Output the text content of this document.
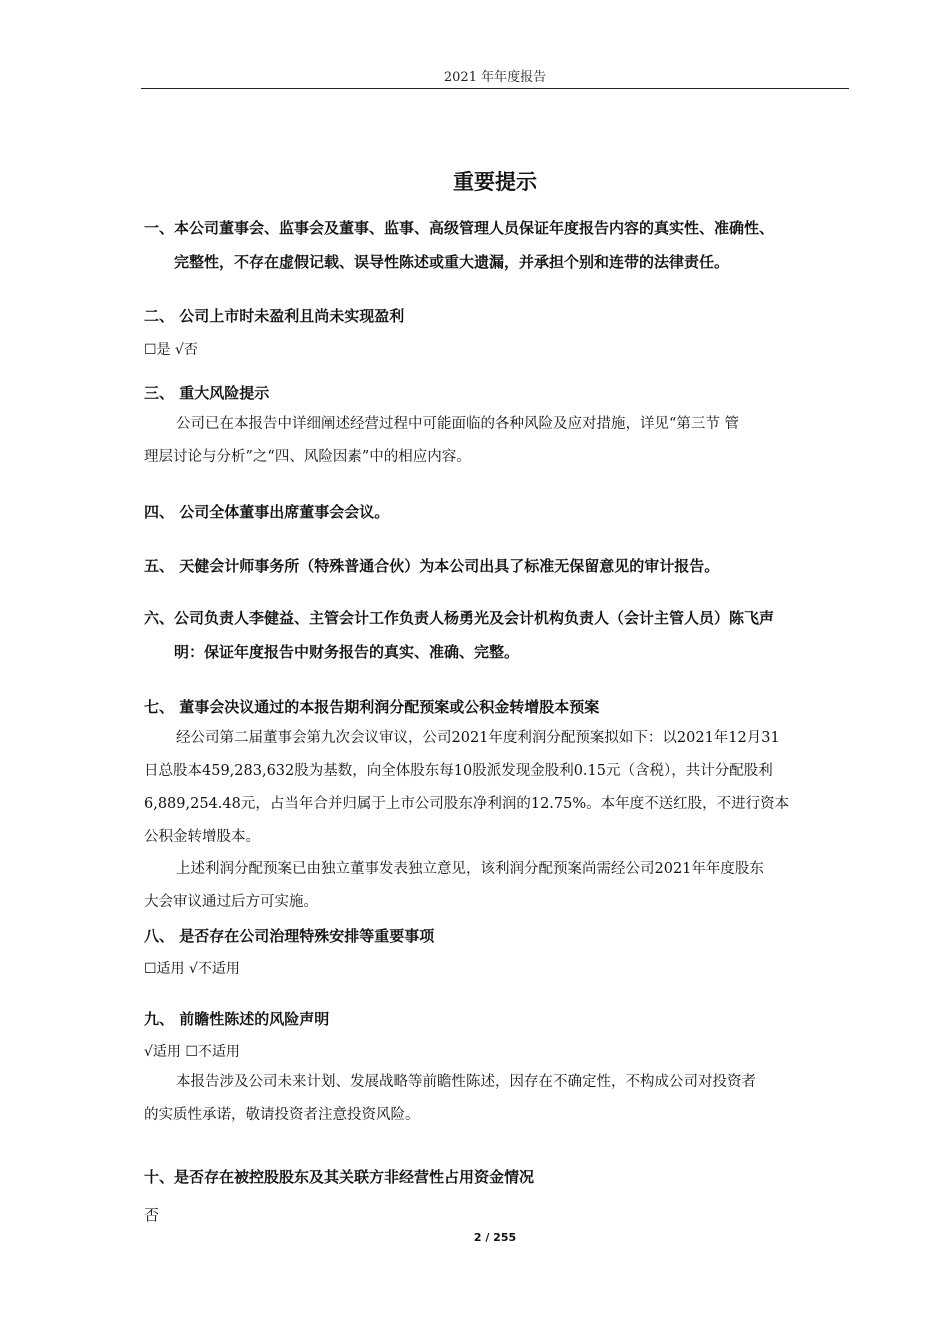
2021 年年度报告
重要提示
一、本公司董事会、监事会及董事、监事、高级管理人员保证年度报告内容的真实性、准确性、
完整性，不存在虚假记载、误导性陈述或重大遗漏，并承担个别和连带的法律责任。
二、 公司上市时未盈利且尚未实现盈利
☐是 √否
三、 重大风险提示
公司已在本报告中详细阐述经营过程中可能面临的各种风险及应对措施，详见“第三节 管
理层讨论与分析”之“四、风险因素”中的相应内容。
四、 公司全体董事出席董事会会议。
五、 天健会计师事务所（特殊普通合伙）为本公司出具了标准无保留意见的审计报告。
六、公司负责人李健益、主管会计工作负责人杨勇光及会计机构负责人（会计主管人员）陈飞声
明：保证年度报告中财务报告的真实、准确、完整。
七、 董事会决议通过的本报告期利润分配预案或公积金转增股本预案
经公司第二届董事会第九次会议审议，公司2021年度利润分配预案拟如下：以2021年12月31
日总股本459,283,632股为基数，向全体股东每10股派发现金股利0.15元（含税），共计分配股利
6,889,254.48元，占当年合并归属于上市公司股东净利润的12.75%。本年度不送红股，不进行资本
公积金转增股本。
上述利润分配预案已由独立董事发表独立意见，该利润分配预案尚需经公司2021年年度股东
大会审议通过后方可实施。
八、 是否存在公司治理特殊安排等重要事项
☐适用 √不适用
九、 前瞻性陈述的风险声明
√适用 ☐不适用
本报告涉及公司未来计划、发展战略等前瞻性陈述，因存在不确定性，不构成公司对投资者
的实质性承诺，敬请投资者注意投资风险。
十、是否存在被控股股东及其关联方非经营性占用资金情况
否
2 / 255
